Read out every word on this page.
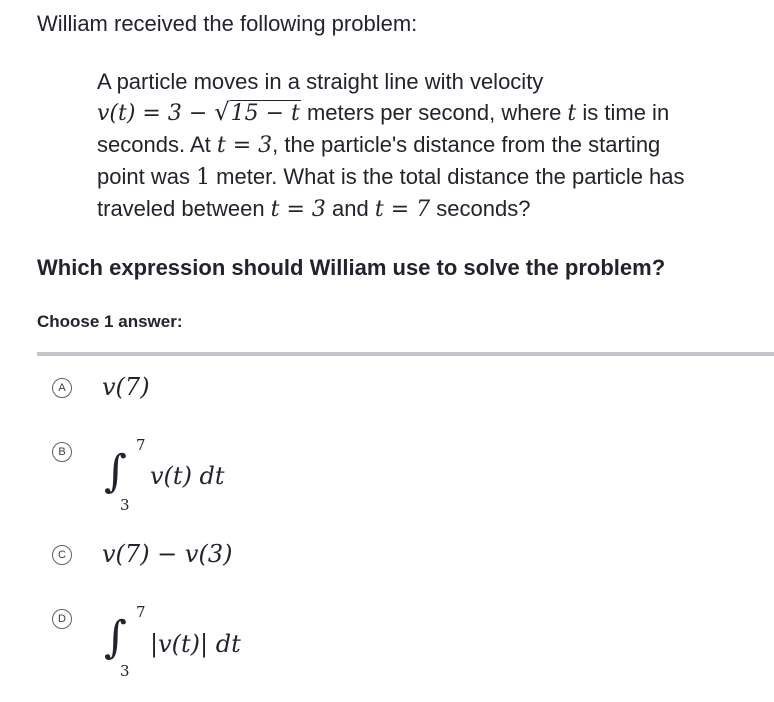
William received the following problem:

A particle moves in a straight line with velocity
v(t) = 3 − √15 − t meters per second, where t is time in
seconds. At t = 3, the particle's distance from the starting
point was 1 meter. What is the total distance the particle has
traveled between t = 3 and t = 7 seconds?

Which expression should William use to solve the problem?

Choose 1 answer:

A v(7)
B ∫
7
3
v(t) dt
C v(7) − v(3)
D ∫ 7
3
|v(t)| dt
